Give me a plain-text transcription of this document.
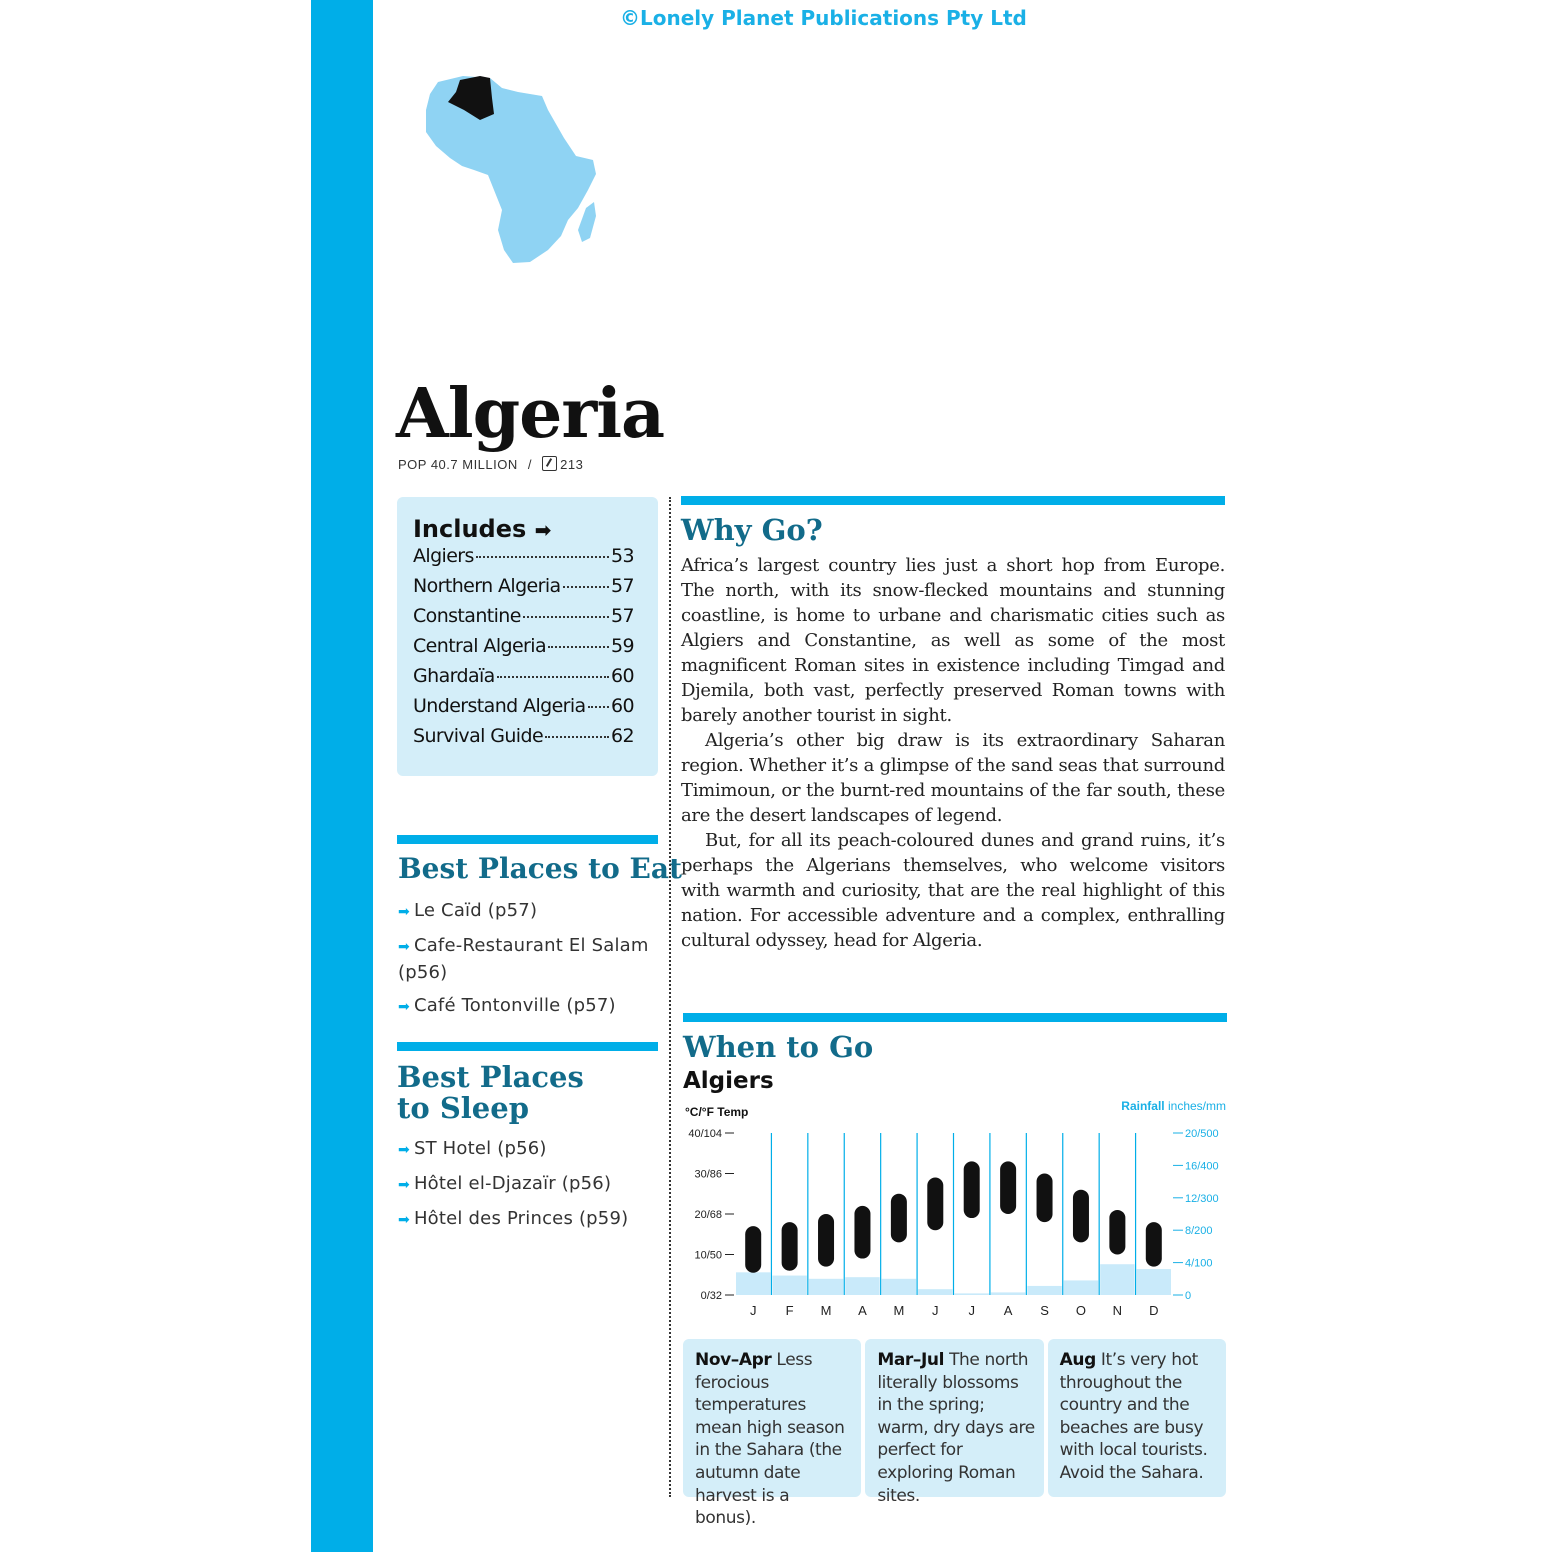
©Lonely Planet Publications Pty Ltd
Algeria
POP 40.7 MILLION / 213
Includes ➡
Algiers	53
Northern Algeria	57
Constantine	57
Central Algeria	59
Ghardaïa	60
Understand Algeria 60
Survival Guide	62
Best Places to Eat
➡ Le Caïd (p57)
➡ Cafe-Restaurant El Salam (p56)
➡ Café Tontonville (p57)
Best Places
to Sleep
➡ ST Hotel (p56)
➡ Hôtel el-Djazaïr (p56)
➡ Hôtel des Princes (p59)
Why Go?

Africa’s largest country lies just a short hop from Europe. The north, with its snow-flecked mountains and stunning coastline, is home to urbane and charismatic cities such as Algiers and Constantine, as well as some of the most magnificent Roman sites in existence including Timgad and Djemila, both vast, perfectly preserved Roman towns with barely another tourist in sight.

Algeria’s other big draw is its extraordinary Saharan region. Whether it’s a glimpse of the sand seas that surround Timimoun, or the burnt-red mountains of the far south, these are the desert landscapes of legend.

But, for all its peach-coloured dunes and grand ruins, it’s perhaps the Algerians themselves, who welcome visitors with warmth and curiosity, that are the real highlight of this nation. For accessible adventure and a complex, enthralling cultural odyssey, head for Algeria.

When to Go
Algiers
°C/°F Temp	Rainfall inches/mm
40/104
30/86
20/68
10/50
0/32
20/500
16/400
12/300
8/200
4/100
0
J F M A M J J A S O N D
Nov–Apr Less ferocious temperatures mean high season in the Sahara (the autumn date harvest is a bonus).
Mar–Jul The north literally blossoms in the spring; warm, dry days are perfect for exploring Roman sites.
Aug It’s very hot throughout the country and the beaches are busy with local tourists. Avoid the Sahara.
